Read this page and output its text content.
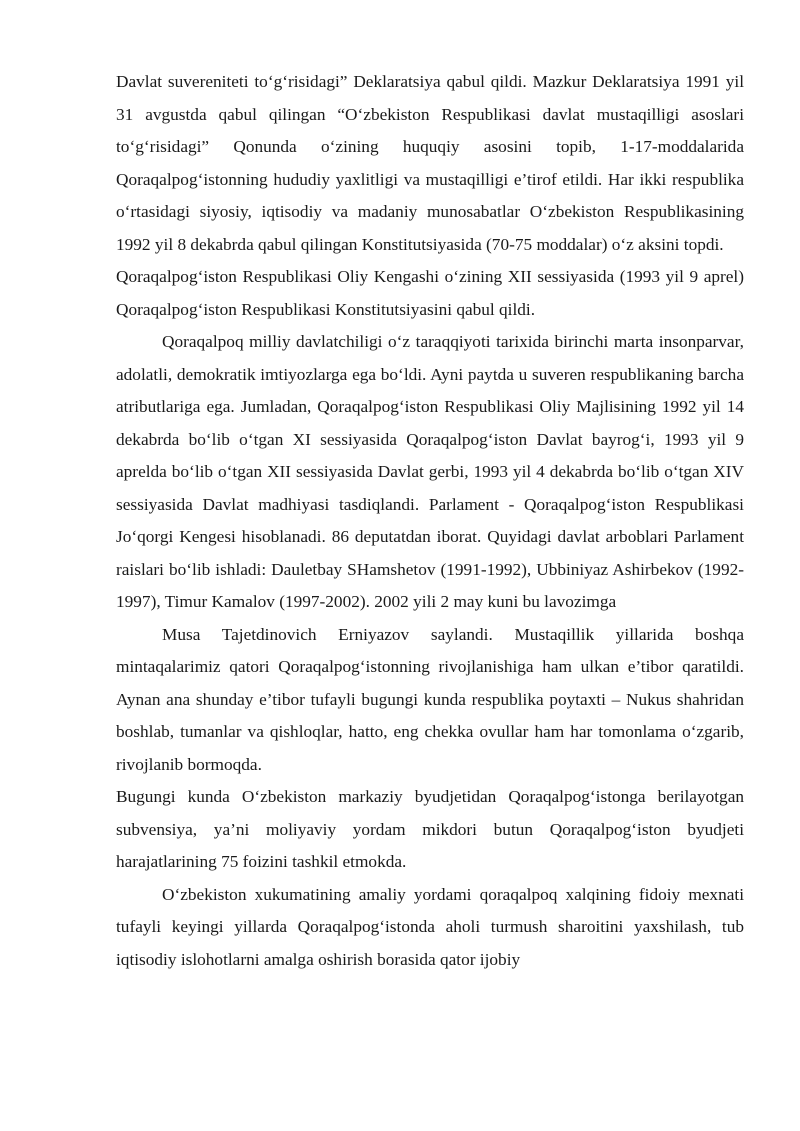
Davlat suvereniteti to‘g‘risidagi” Deklaratsiya qabul qildi. Mazkur Deklaratsiya 1991 yil 31 avgustda qabul qilingan “O‘zbekiston Respublikasi davlat mustaqilligi asoslari to‘g‘risidagi” Qonunda o‘zining huquqiy asosini topib, 1-17-moddalarida Qoraqalpog‘istonning hududiy yaxlitligi va mustaqilligi e’tirof etildi. Har ikki respublika o‘rtasidagi siyosiy, iqtisodiy va madaniy munosabatlar O‘zbekiston Respublikasining 1992 yil 8 dekabrda qabul qilingan Konstitutsiyasida (70-75 moddalar) o‘z aksini topdi.

Qoraqalpog‘iston Respublikasi Oliy Kengashi o‘zining XII sessiyasida (1993 yil 9 aprel) Qoraqalpog‘iston Respublikasi Konstitutsiyasini qabul qildi.

Qoraqalpoq milliy davlatchiligi o‘z taraqqiyoti tarixida birinchi marta insonparvar, adolatli, demokratik imtiyozlarga ega bo‘ldi. Ayni paytda u suveren respublikaning barcha atributlariga ega. Jumladan, Qoraqalpog‘iston Respublikasi Oliy Majlisining 1992 yil 14 dekabrda bo‘lib o‘tgan XI sessiyasida Qoraqalpog‘iston Davlat bayrog‘i, 1993 yil 9 aprelda bo‘lib o‘tgan XII sessiyasida Davlat gerbi, 1993 yil 4 dekabrda bo‘lib o‘tgan XIV sessiyasida Davlat madhiyasi tasdiqlandi. Parlament - Qoraqalpog‘iston Respublikasi Jo‘qorgi Kengesi hisoblanadi. 86 deputatdan iborat. Quyidagi davlat arboblari Parlament raislari bo‘lib ishladi: Dauletbay SHamshetov (1991-1992), Ubbiniyaz Ashirbekov (1992-1997), Timur Kamalov (1997-2002). 2002 yili 2 may kuni bu lavozimga

Musa Tajetdinovich Erniyazov saylandi. Mustaqillik yillarida boshqa mintaqalarimiz qatori Qoraqalpog‘istonning rivojlanishiga ham ulkan e’tibor qaratildi. Aynan ana shunday e’tibor tufayli bugungi kunda respublika poytaxti – Nukus shahridan boshlab, tumanlar va qishloqlar, hatto, eng chekka ovullar ham har tomonlama o‘zgarib, rivojlanib bormoqda.

Bugungi kunda O‘zbekiston markaziy byudjetidan Qoraqalpog‘istonga berilayotgan subvensiya, ya’ni moliyaviy yordam mikdori butun Qoraqalpog‘iston byudjeti harajatlarining 75 foizini tashkil etmokda.

O‘zbekiston xukumatining amaliy yordami qoraqalpoq xalqining fidoiy mexnati tufayli keyingi yillarda Qoraqalpog‘istonda aholi turmush sharoitini yaxshilash, tub iqtisodiy islohotlarni amalga oshirish borasida qator ijobiy
